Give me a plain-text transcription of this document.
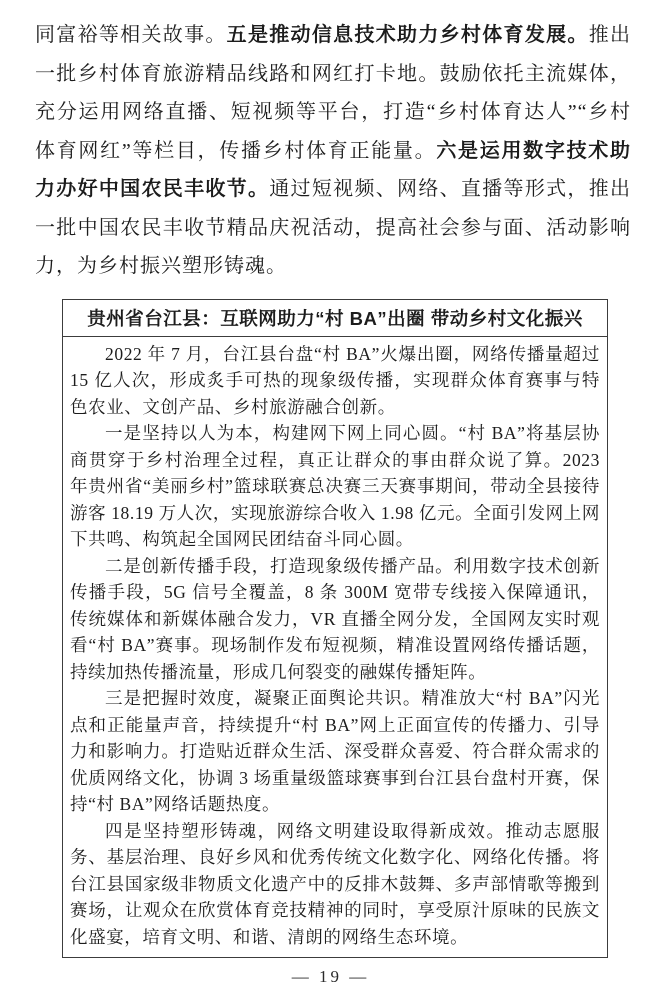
同富裕等相关故事。五是推动信息技术助力乡村体育发展。推出一批乡村体育旅游精品线路和网红打卡地。鼓励依托主流媒体，充分运用网络直播、短视频等平台，打造“乡村体育达人”“乡村体育网红”等栏目，传播乡村体育正能量。六是运用数字技术助力办好中国农民丰收节。通过短视频、网络、直播等形式，推出一批中国农民丰收节精品庆祝活动，提高社会参与面、活动影响力，为乡村振兴塑形铸魂。

贵州省台江县：互联网助力“村 BA”出圈 带动乡村文化振兴

2022 年 7 月，台江县台盘“村 BA”火爆出圈，网络传播量超过 15 亿人次，形成炙手可热的现象级传播，实现群众体育赛事与特色农业、文创产品、乡村旅游融合创新。

一是坚持以人为本，构建网下网上同心圆。“村 BA”将基层协商贯穿于乡村治理全过程，真正让群众的事由群众说了算。2023 年贵州省“美丽乡村”篮球联赛总决赛三天赛事期间，带动全县接待游客 18.19 万人次，实现旅游综合收入 1.98 亿元。全面引发网上网下共鸣、构筑起全国网民团结奋斗同心圆。

二是创新传播手段，打造现象级传播产品。利用数字技术创新传播手段，5G 信号全覆盖，8 条 300M 宽带专线接入保障通讯，传统媒体和新媒体融合发力，VR 直播全网分发，全国网友实时观看“村 BA”赛事。现场制作发布短视频，精准设置网络传播话题，持续加热传播流量，形成几何裂变的融媒传播矩阵。

三是把握时效度，凝聚正面舆论共识。精准放大“村 BA”闪光点和正能量声音，持续提升“村 BA”网上正面宣传的传播力、引导力和影响力。打造贴近群众生活、深受群众喜爱、符合群众需求的优质网络文化，协调 3 场重量级篮球赛事到台江县台盘村开赛，保持“村 BA”网络话题热度。

四是坚持塑形铸魂，网络文明建设取得新成效。推动志愿服务、基层治理、良好乡风和优秀传统文化数字化、网络化传播。将台江县国家级非物质文化遗产中的反排木鼓舞、多声部情歌等搬到赛场，让观众在欣赏体育竞技精神的同时，享受原汁原味的民族文化盛宴，培育文明、和谐、清朗的网络生态环境。

— 19 —
